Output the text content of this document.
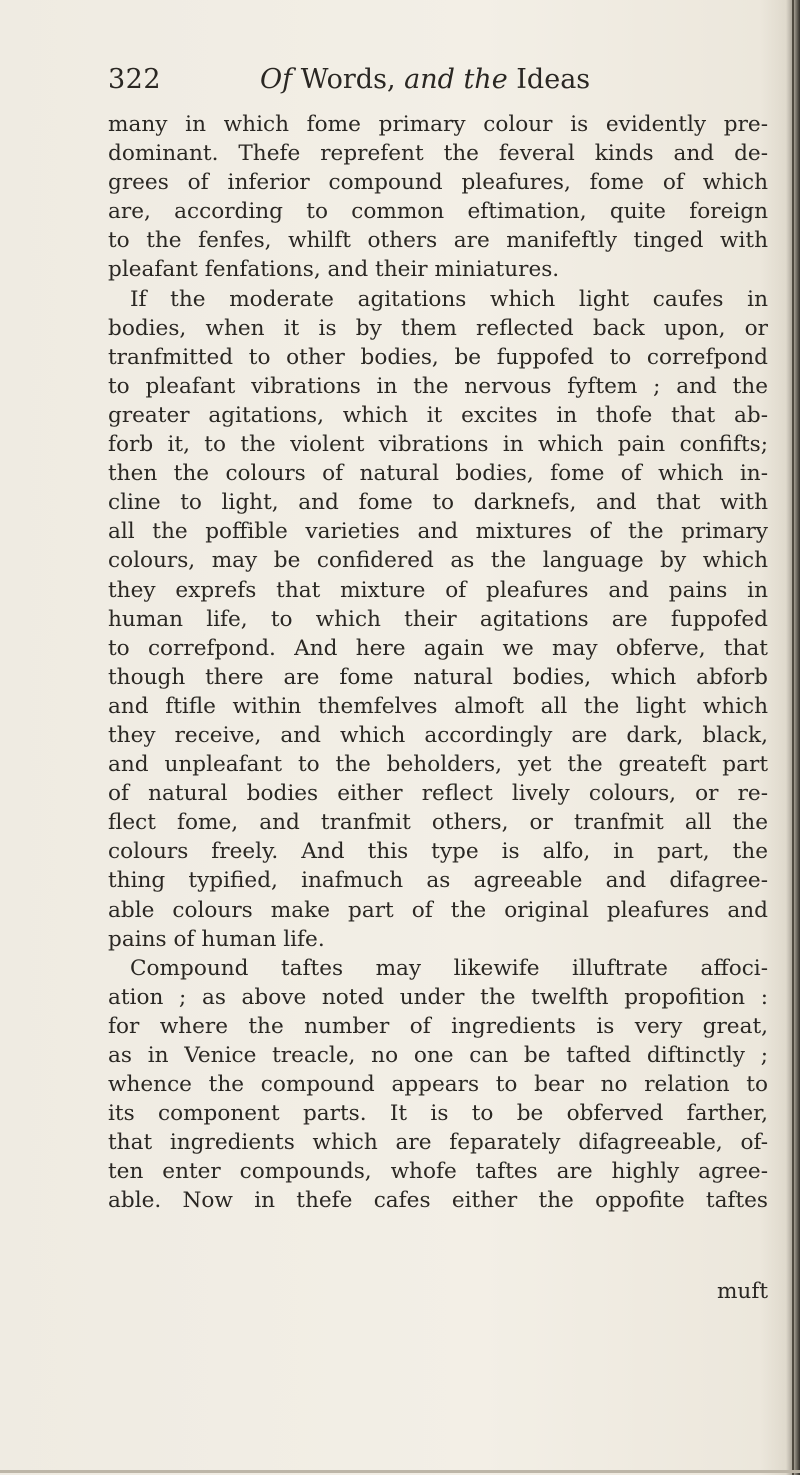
322	Of Words, and the Ideas
many in which fome primary colour is evidently pre-
dominant. Thefe reprefent the feveral kinds and de-
grees of inferior compound pleafures, fome of which
are, according to common eftimation, quite foreign
to the fenfes, whilft others are manifeftly tinged with
pleafant fenfations, and their miniatures.
If the moderate agitations which light caufes in
bodies, when it is by them reflected back upon, or
tranfmitted to other bodies, be fuppofed to correfpond
to pleafant vibrations in the nervous fyftem ; and the
greater agitations, which it excites in thofe that ab-
forb it, to the violent vibrations in which pain confifts;
then the colours of natural bodies, fome of which in-
cline to light, and fome to darknefs, and that with
all the poffible varieties and mixtures of the primary
colours, may be confidered as the language by which
they exprefs that mixture of pleafures and pains in
human life, to which their agitations are fuppofed
to correfpond. And here again we may obferve, that
though there are fome natural bodies, which abforb
and ftifle within themfelves almoft all the light which
they receive, and which accordingly are dark, black,
and unpleafant to the beholders, yet the greateft part
of natural bodies either reflect lively colours, or re-
flect fome, and tranfmit others, or tranfmit all the
colours freely. And this type is alfo, in part, the
thing typified, inafmuch as agreeable and difagree-
able colours make part of the original pleafures and
pains of human life.
Compound taftes may likewife illuftrate affoci-
ation ; as above noted under the twelfth propofition :
for where the number of ingredients is very great,
as in Venice treacle, no one can be tafted diftinctly ;
whence the compound appears to bear no relation to
its component parts. It is to be obferved farther,
that ingredients which are feparately difagreeable, of-
ten enter compounds, whofe taftes are highly agree-
able. Now in thefe cafes either the oppofite taftes
muft
